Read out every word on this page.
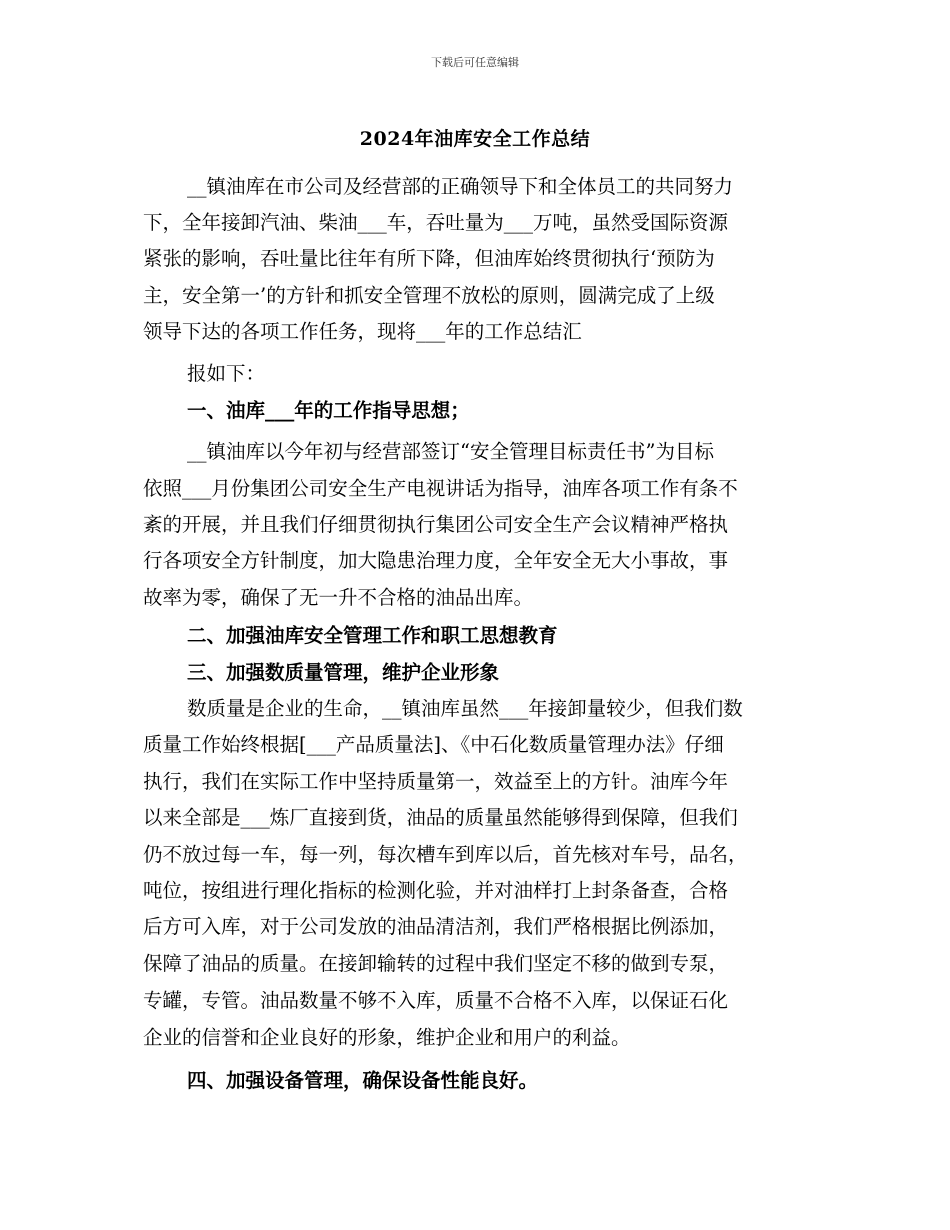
下载后可任意编辑
2024年油库安全工作总结
__镇油库在市公司及经营部的正确领导下和全体员工的共同努力
下，全年接卸汽油、柴油___车，吞吐量为___万吨，虽然受国际资源
紧张的影响，吞吐量比往年有所下降，但油库始终贯彻执行‘预防为
主，安全第一’的方针和抓安全管理不放松的原则，圆满完成了上级
领导下达的各项工作任务，现将___年的工作总结汇
报如下：
一、油库___年的工作指导思想；
__镇油库以今年初与经营部签订“安全管理目标责任书”为目标
依照___月份集团公司安全生产电视讲话为指导，油库各项工作有条不
紊的开展，并且我们仔细贯彻执行集团公司安全生产会议精神严格执
行各项安全方针制度，加大隐患治理力度，全年安全无大小事故，事
故率为零，确保了无一升不合格的油品出库。
二、加强油库安全管理工作和职工思想教育
三、加强数质量管理，维护企业形象
数质量是企业的生命，__镇油库虽然___年接卸量较少，但我们数
质量工作始终根据[___产品质量法]、《中石化数质量管理办法》仔细
执行，我们在实际工作中坚持质量第一，效益至上的方针。油库今年
以来全部是___炼厂直接到货，油品的质量虽然能够得到保障，但我们
仍不放过每一车，每一列，每次槽车到库以后，首先核对车号，品名，
吨位，按组进行理化指标的检测化验，并对油样打上封条备查，合格
后方可入库，对于公司发放的油品清洁剂，我们严格根据比例添加，
保障了油品的质量。在接卸输转的过程中我们坚定不移的做到专泵，
专罐，专管。油品数量不够不入库，质量不合格不入库，以保证石化
企业的信誉和企业良好的形象，维护企业和用户的利益。
四、加强设备管理，确保设备性能良好。
